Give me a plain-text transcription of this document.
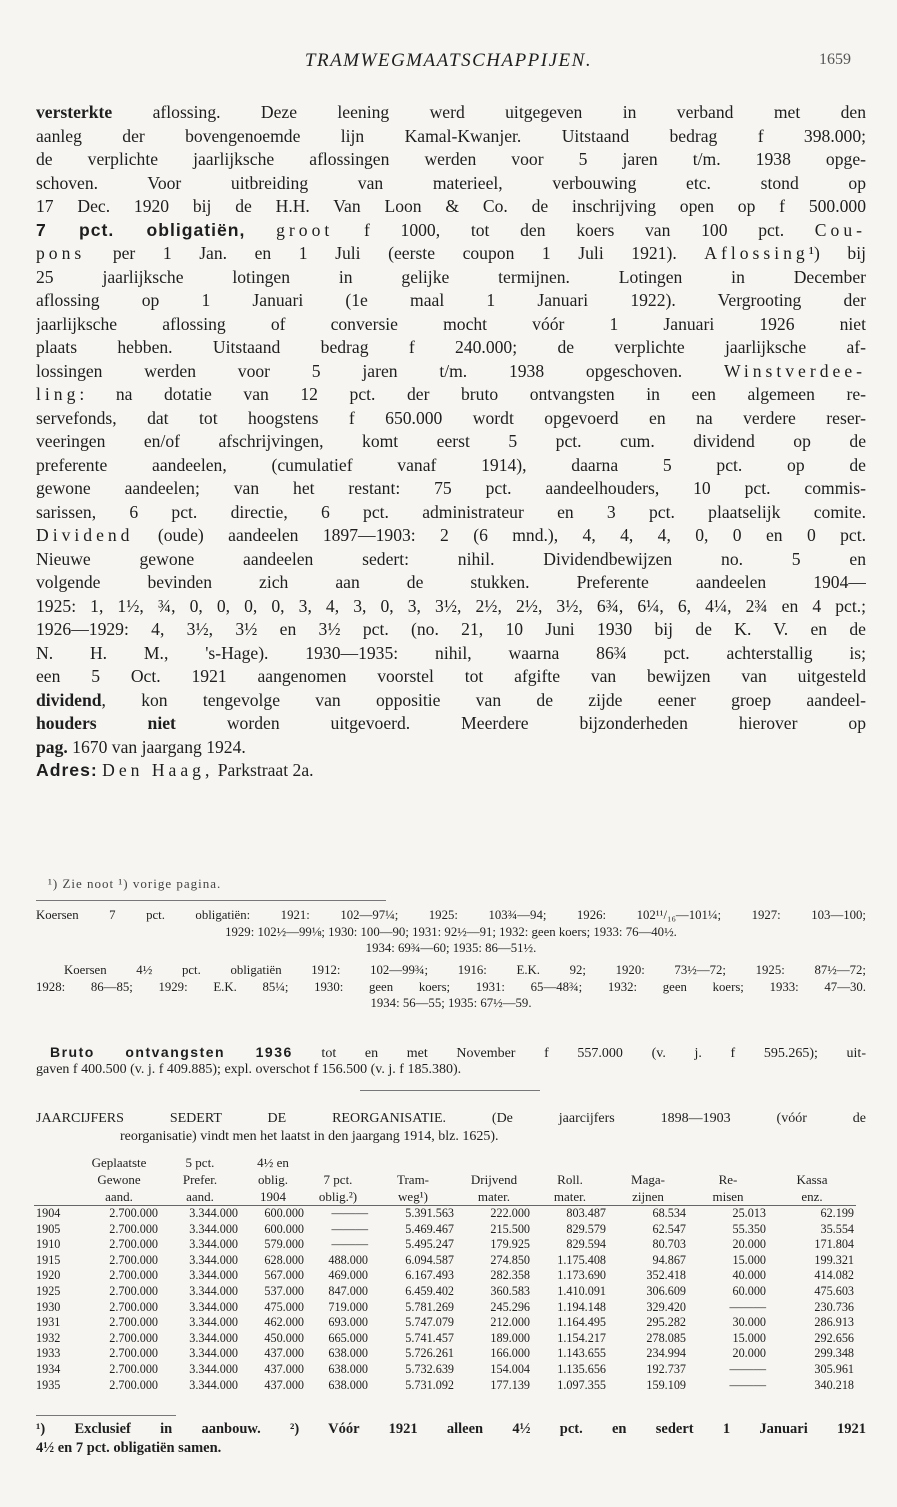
TRAMWEGMAATSCHAPPIJEN.	1659
versterkte aflossing. Deze leening werd uitgegeven in verband met den
aanleg der bovengenoemde lijn Kamal-Kwanjer. Uitstaand bedrag f 398.000;
de verplichte jaarlijksche aflossingen werden voor 5 jaren t/m. 1938 opge-
schoven. Voor uitbreiding van materieel, verbouwing etc. stond op
17 Dec. 1920 bij de H.H. Van Loon & Co. de inschrijving open op f 500.000
7 pct. obligatiën, groot f 1000, tot den koers van 100 pct. Cou-
pons per 1 Jan. en 1 Juli (eerste coupon 1 Juli 1921). Aflossing¹) bij
25 jaarlijksche lotingen in gelijke termijnen. Lotingen in December
aflossing op 1 Januari (1e maal 1 Januari 1922). Vergrooting der
jaarlijksche aflossing of conversie mocht vóór 1 Januari 1926 niet
plaats hebben. Uitstaand bedrag f 240.000; de verplichte jaarlijksche af-
lossingen werden voor 5 jaren t/m. 1938 opgeschoven. Winstverdee-
ling: na dotatie van 12 pct. der bruto ontvangsten in een algemeen re-
servefonds, dat tot hoogstens f 650.000 wordt opgevoerd en na verdere reser-
veeringen en/of afschrijvingen, komt eerst 5 pct. cum. dividend op de
preferente aandeelen, (cumulatief vanaf 1914), daarna 5 pct. op de
gewone aandeelen; van het restant: 75 pct. aandeelhouders, 10 pct. commis-
sarissen, 6 pct. directie, 6 pct. administrateur en 3 pct. plaatselijk comite.
Dividend (oude) aandeelen 1897—1903: 2 (6 mnd.), 4, 4, 4, 0, 0 en 0 pct.
Nieuwe gewone aandeelen sedert: nihil. Dividendbewijzen no. 5 en
volgende bevinden zich aan de stukken. Preferente aandeelen 1904—
1925: 1, 1½, ¾, 0, 0, 0, 0, 3, 4, 3, 0, 3, 3½, 2½, 2½, 3½, 6¾, 6¼, 6, 4¼, 2¾ en 4 pct.;
1926—1929: 4, 3½, 3½ en 3½ pct. (no. 21, 10 Juni 1930 bij de K. V. en de
N. H. M., 's-Hage). 1930—1935: nihil, waarna 86¾ pct. achterstallig is;
een 5 Oct. 1921 aangenomen voorstel tot afgifte van bewijzen van uitgesteld
dividend, kon tengevolge van oppositie van de zijde eener groep aandeel-
houders niet worden uitgevoerd. Meerdere bijzonderheden hierover op
pag. 1670 van jaargang 1924.
Adres: Den Haag, Parkstraat 2a.
¹) Zie noot ¹) vorige pagina.
Koersen 7 pct. obligatiën: 1921: 102—97¼; 1925: 103¾—94; 1926: 102¹¹/₁₆—101¼; 1927: 103—100;
1929: 102½—99⅛; 1930: 100—90; 1931: 92½—91; 1932: geen koers; 1933: 76—40½.
1934: 69¾—60; 1935: 86—51½.
Koersen 4½ pct. obligatiën 1912: 102—99¾; 1916: E.K. 92; 1920: 73½—72; 1925: 87½—72;
1928: 86—85; 1929: E.K. 85¼; 1930: geen koers; 1931: 65—48¾; 1932: geen koers; 1933: 47—30.
1934: 56—55; 1935: 67½—59.
Bruto ontvangsten 1936 tot en met November f 557.000 (v. j. f 595.265); uit-
gaven f 400.500 (v. j. f 409.885); expl. overschot f 156.500 (v. j. f 185.380).
JAARCIJFERS SEDERT DE REORGANISATIE. (De jaarcijfers 1898—1903 (vóór de
reorganisatie) vindt men het laatst in den jaargang 1914, blz. 1625).
	Geplaatste	5 pct.	4½ en							
	Gewone	Prefer.	oblig.	7 pct.	Tram-	Drijvend	Roll.	Maga-	Re-	Kassa
	aand.	aand.	1904	oblig.²)	weg¹)	mater.	mater.	zijnen	misen	enz.
1904	2.700.000	3.344.000	600.000	———	5.391.563	222.000	803.487	68.534	25.013	62.199
1905	2.700.000	3.344.000	600.000	———	5.469.467	215.500	829.579	62.547	55.350	35.554
1910	2.700.000	3.344.000	579.000	———	5.495.247	179.925	829.594	80.703	20.000	171.804
1915	2.700.000	3.344.000	628.000	488.000	6.094.587	274.850	1.175.408	94.867	15.000	199.321
1920	2.700.000	3.344.000	567.000	469.000	6.167.493	282.358	1.173.690	352.418	40.000	414.082
1925	2.700.000	3.344.000	537.000	847.000	6.459.402	360.583	1.410.091	306.609	60.000	475.603
1930	2.700.000	3.344.000	475.000	719.000	5.781.269	245.296	1.194.148	329.420	———	230.736
1931	2.700.000	3.344.000	462.000	693.000	5.747.079	212.000	1.164.495	295.282	30.000	286.913
1932	2.700.000	3.344.000	450.000	665.000	5.741.457	189.000	1.154.217	278.085	15.000	292.656
1933	2.700.000	3.344.000	437.000	638.000	5.726.261	166.000	1.143.655	234.994	20.000	299.348
1934	2.700.000	3.344.000	437.000	638.000	5.732.639	154.004	1.135.656	192.737	———	305.961
1935	2.700.000	3.344.000	437.000	638.000	5.731.092	177.139	1.097.355	159.109	———	340.218
¹) Exclusief in aanbouw. ²) Vóór 1921 alleen 4½ pct. en sedert 1 Januari 1921
4½ en 7 pct. obligatiën samen.
